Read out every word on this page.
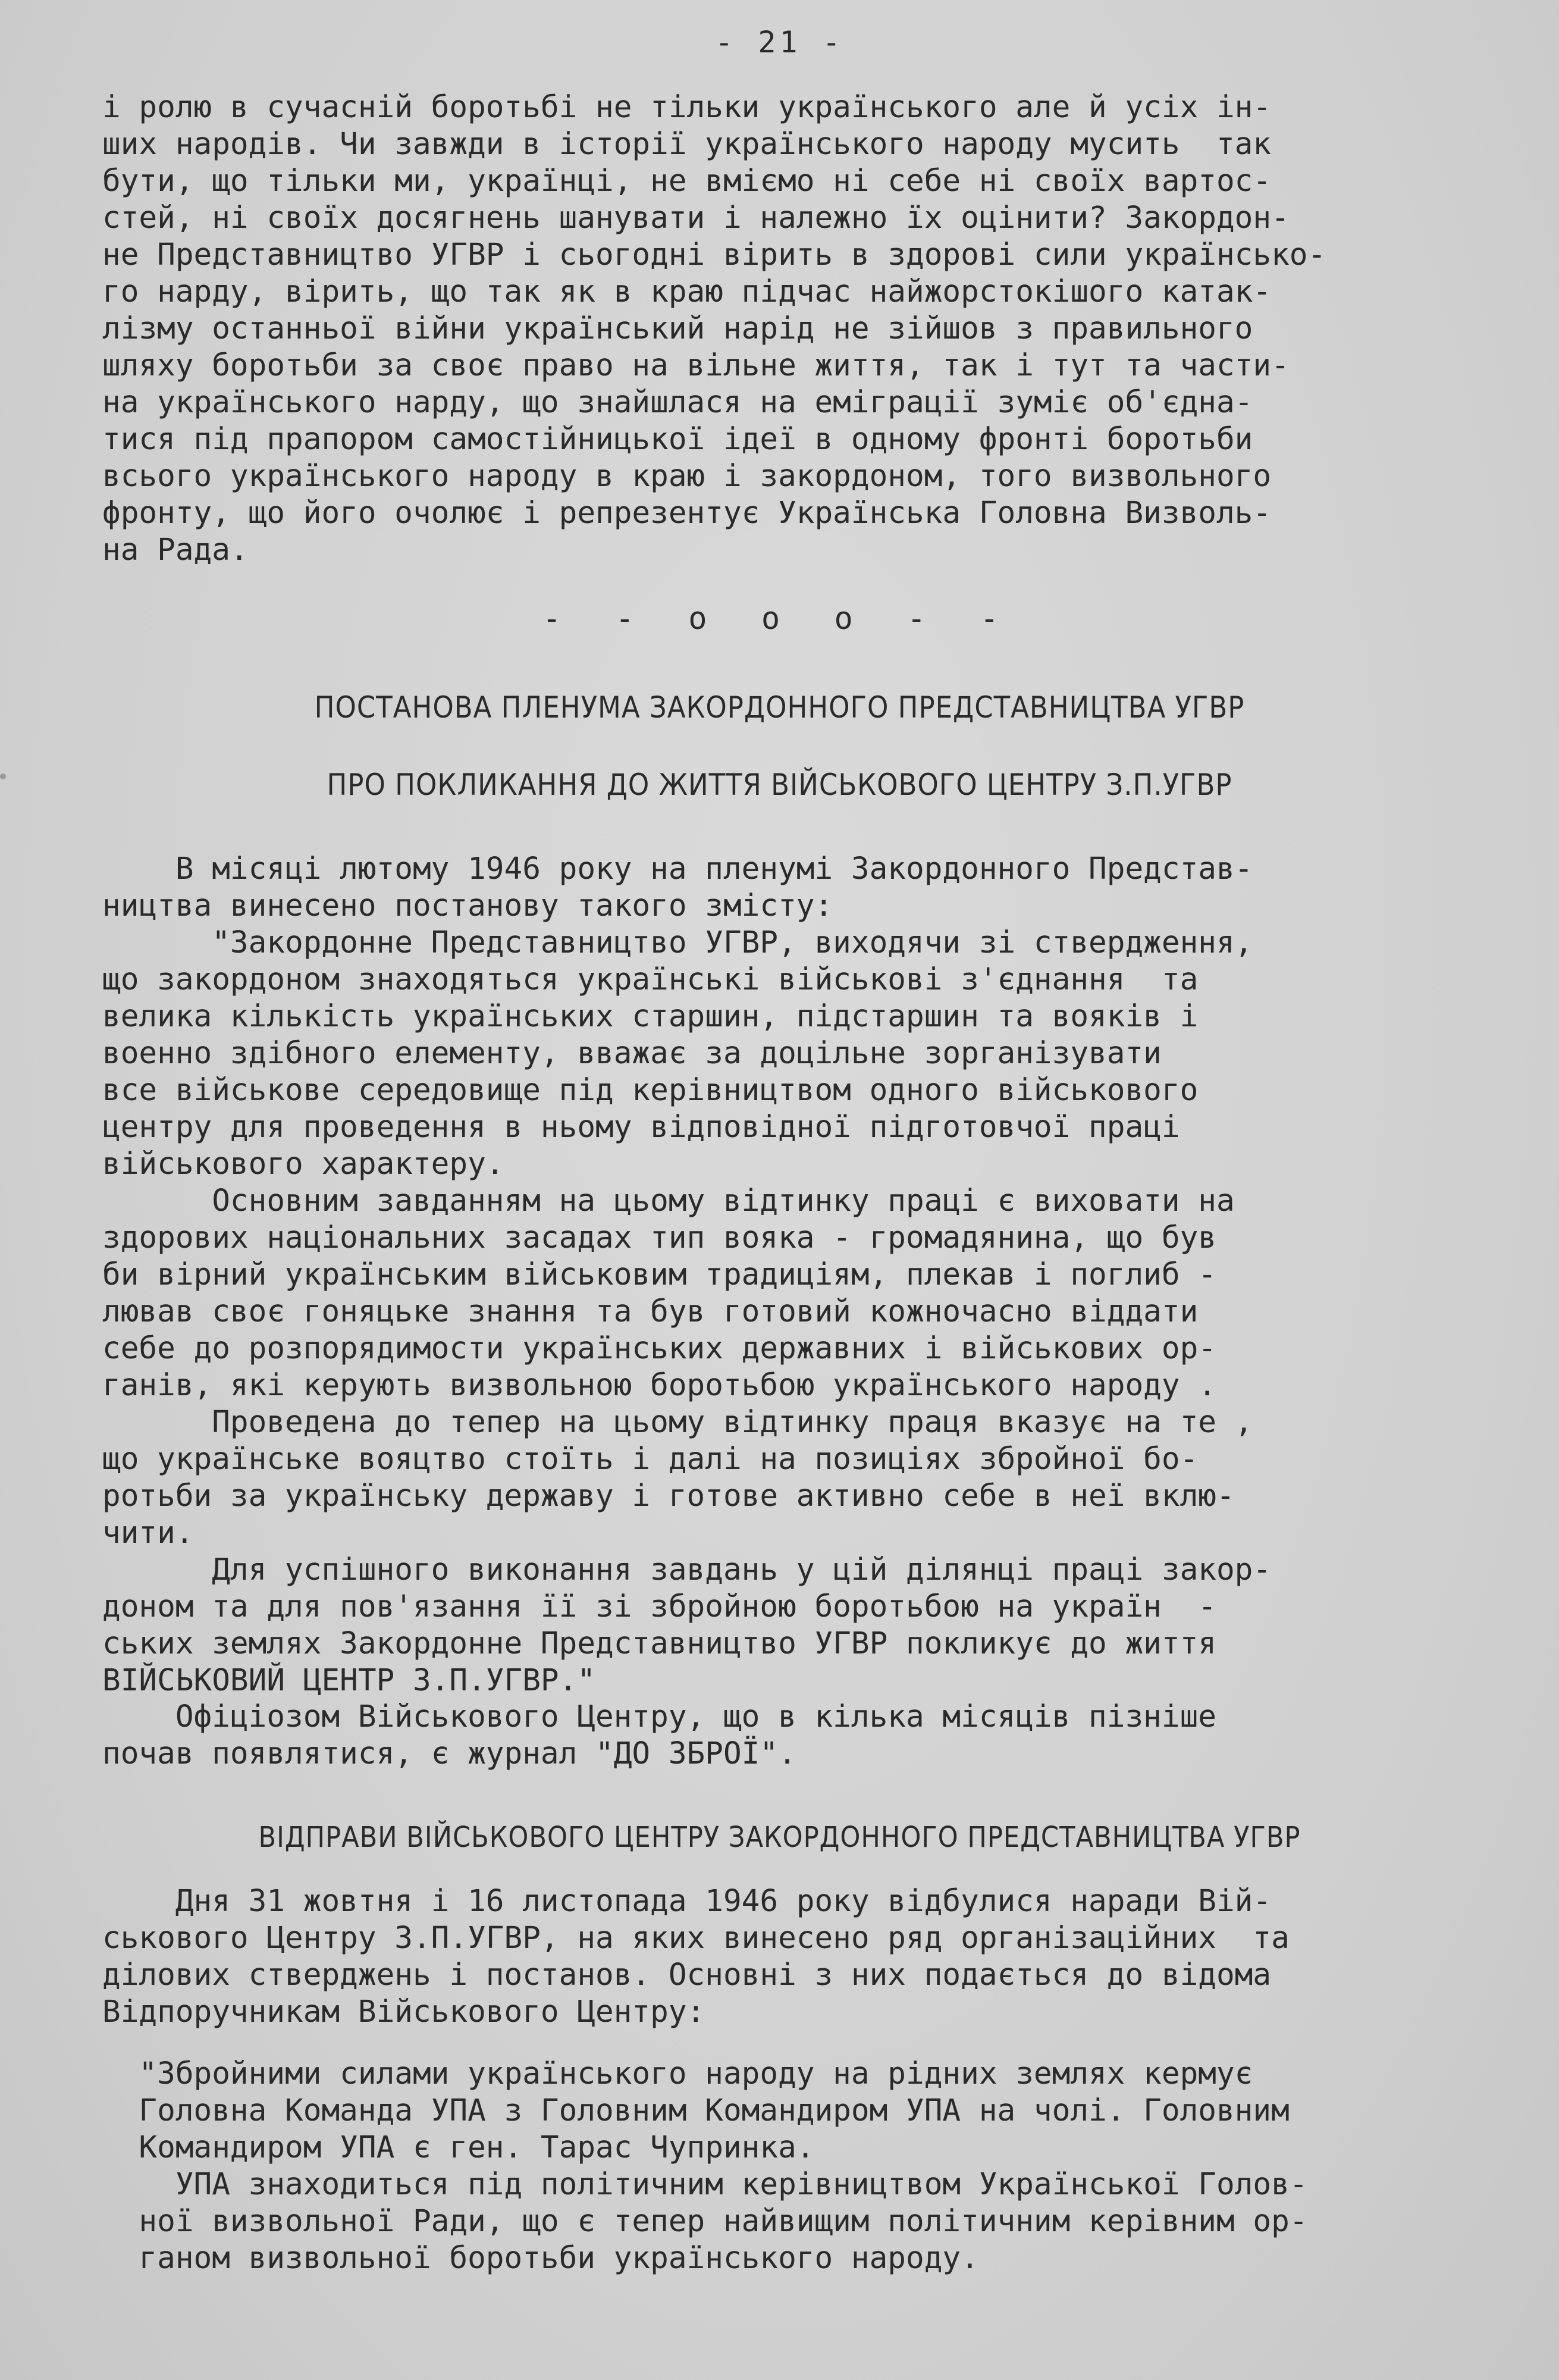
- 21 -
і ролю в сучасній боротьбі не тільки українського але й усіх ін-
ших народів. Чи завжди в історії українського народу мусить  так
бути, що тільки ми, українці, не вміємо ні себе ні своїх вартос-
стей, ні своїх досягнень шанувати і належно їх оцінити? Закордон-
не Представництво УГВР і сьогодні вірить в здорові сили українсько-
го нарду, вірить, що так як в краю підчас найжорстокішого катак-
лізму останньої війни український нарід не зійшов з правильного
шляху боротьби за своє право на вільне життя, так і тут та части-
на українського нарду, що знайшлася на еміграції зуміє об'єдна-
тися під прапором самостійницької ідеї в одному фронті боротьби
всього українського народу в краю і закордоном, того визвольного
фронту, що його очолює і репрезентує Українська Головна Визволь-
на Рада.
- - o o o - -
ПОСТАНОВА ПЛЕНУМА ЗАКОРДОННОГО ПРЕДСТАВНИЦТВА УГВР
ПРО ПОКЛИКАННЯ ДО ЖИТТЯ ВІЙСЬКОВОГО ЦЕНТРУ З.П.УГВР
В місяці лютому 1946 року на пленумі Закордонного Представ-
ництва винесено постанову такого змісту:
"Закордонне Представництво УГВР, виходячи зі ствердження,
що закордоном знаходяться українські військові з'єднання  та
велика кількість українських старшин, підстаршин та вояків і
военно здібного елементу, вважає за доцільне зорганізувати
все військове середовище під керівництвом одного військового
центру для проведення в ньому відповідної підготовчої праці
військового характеру.
Основним завданням на цьому відтинку праці є виховати на
здорових національних засадах тип вояка - громадянина, що був
би вірний українським військовим традиціям, плекав і поглиб -
лював своє гоняцьке знання та був готовий кожночасно віддати
себе до розпорядимости українських державних і військових ор-
ганів, які керують визвольною боротьбою українського народу .
Проведена до тепер на цьому відтинку праця вказує на те ,
що українське вояцтво стоїть і далі на позиціях збройної бо-
ротьби за українську державу і готове активно себе в неї вклю-
чити.
Для успішного виконання завдань у цій ділянці праці закор-
доном та для пов'язання її зі збройною боротьбою на україн  -
ських землях Закордонне Представництво УГВР покликує до життя
ВІЙСЬКОВИЙ ЦЕНТР З.П.УГВР."
Офіціозом Військового Центру, що в кілька місяців пізніше
почав появлятися, є журнал "ДО ЗБРОЇ".
ВІДПРАВИ ВІЙСЬКОВОГО ЦЕНТРУ ЗАКОРДОННОГО ПРЕДСТАВНИЦТВА УГВР
Дня 31 жовтня і 16 листопада 1946 року відбулися наради Вій-
ськового Центру З.П.УГВР, на яких винесено ряд організаційних  та
ділових стверджень і постанов. Основні з них подається до відома
Відпоручникам Військового Центру:
"Збройними силами українського народу на рідних землях кермує
Головна Команда УПА з Головним Командиром УПА на чолі. Головним
Командиром УПА є ген. Тарас Чупринка.
УПА знаходиться під політичним керівництвом Української Голов-
ної визвольної Ради, що є тепер найвищим політичним керівним ор-
ганом визвольної боротьби українського народу.
